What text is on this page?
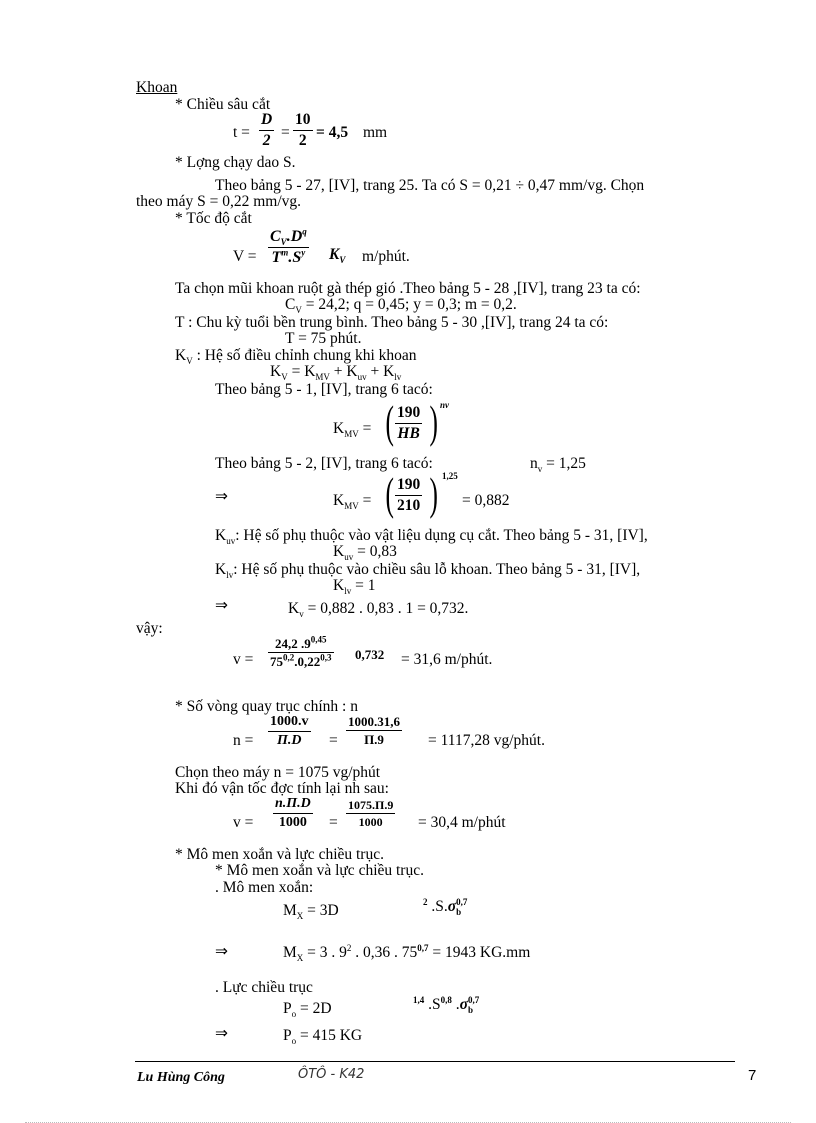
Khoan
* Chiều sâu cắt
$t = \frac{D}{2} = \frac{10}{2} = 4,5$ mm
* Lợng chạy dao S.
Theo bảng 5 - 27, [IV], trang 25. Ta có S = 0,21 ÷ 0,47 mm/vg. Chọn
theo máy S = 0,22 mm/vg.
* Tốc độ cắt
$V = \frac{C_V.D^q}{T^m.S^y} K_V$ m/phút.
Ta chọn mũi khoan ruột gà thép gió .Theo bảng 5 - 28 ,[IV], trang 23 ta có:
$C_V = 24,2$; q = 0,45; y = 0,3; m = 0,2.
T : Chu kỳ tuổi bền trung bình. Theo bảng 5 - 30 ,[IV], trang 24 ta có:
T = 75 phút.
$K_V$ : Hệ số điều chỉnh chung khi khoan
$K_V = K_{MV} + K_{uv} + K_{lv}$
Theo bảng 5 - 1, [IV], trang 6 tacó:
$K_{MV}$ = ( $\frac{190}{HB}$ ) nv
Theo bảng 5 - 2, [IV], trang 6 tacó:	$n_v = 1,25$
⇒	$K_{MV}$ = ( $\frac{190}{210}$ ) 1,25
= 0,882
$K_{uv}$: Hệ số phụ thuộc vào vật liệu dụng cụ cắt. Theo bảng 5 - 31, [IV],
$K_{uv} = 0,83$
$K_{lv}$: Hệ số phụ thuộc vào chiều sâu lỗ khoan. Theo bảng 5 - 31, [IV],
$K_{lv} = 1$
⇒	$K_v = 0,882$ . 0,83 . 1 = 0,732.
vậy:
$v = \frac{24,2 .9^{0,45}}{75^{0,2}.0,22^{0,3}} 0,732 = 31,6$ m/phút.
* Số vòng quay trục chính : n
$n = \frac{1000.v}{\Pi.D} = \frac{1000.31,6}{\Pi.9} = 1117,28$ vg/phút.
Chọn theo máy n = 1075 vg/phút
Khi đó vận tốc đợc tính lại nh sau:
$v = \frac{n.\Pi.D}{1000} = \frac{1075.\Pi.9}{1000} = 30,4$ m/phút
* Mô men xoắn và lực chiều trục.
* Mô men xoắn và lực chiều trục.
. Mô men xoắn:
$M_X = 3D$
$^2$ $.S.\sigma_b^{0,7}$
⇒	$M_X = 3$ . $9^2$ . 0,36 . $75^{0,7} = 1943$ KG.mm
. Lực chiều trục
$P_o = 2D$
$^{1,4}$ $.S^{0,8}$ $.\sigma_b^{0,7}$
⇒	$P_o = 415$ KG
Lu Hùng Công	ÔTÔ - K42	7
